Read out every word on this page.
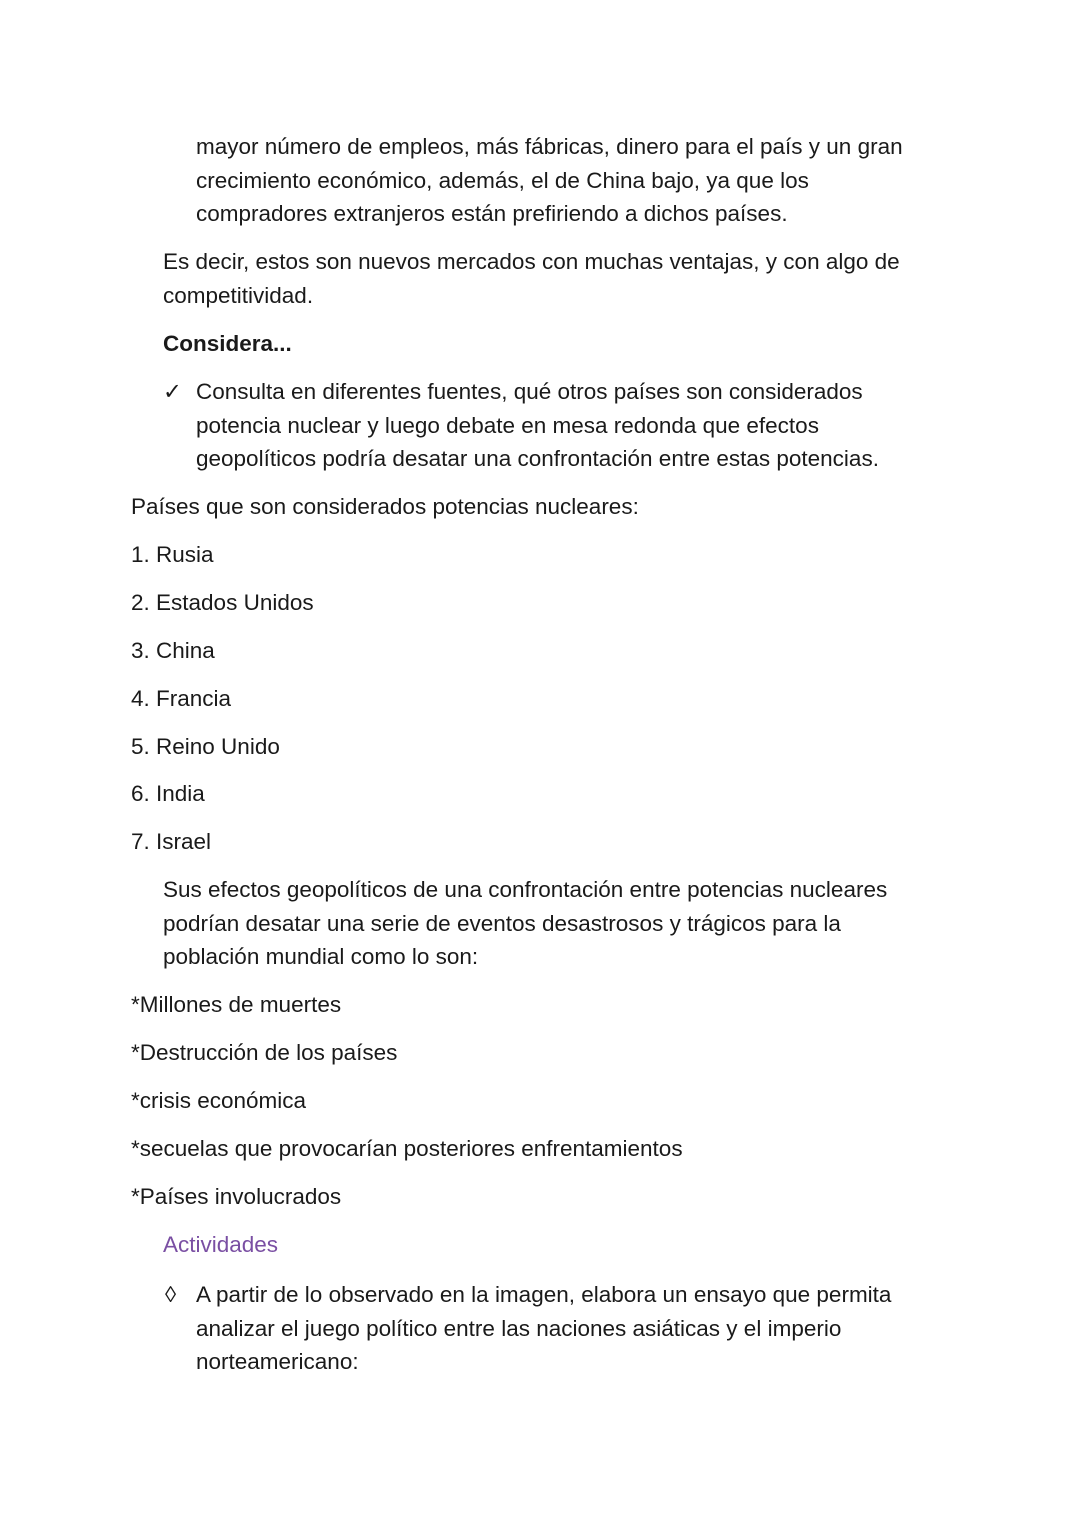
mayor número de empleos, más fábricas, dinero para el país y un gran

crecimiento económico, además, el de China bajo, ya que los

compradores extranjeros están prefiriendo a dichos países.

Es decir, estos son nuevos mercados con muchas ventajas, y con algo de

competitividad.

Considera...

✓ Consulta en diferentes fuentes, qué otros países son considerados

potencia nuclear y luego debate en mesa redonda que efectos

geopolíticos podría desatar una confrontación entre estas potencias.

Países que son considerados potencias nucleares:

1. Rusia

2. Estados Unidos

3. China

4. Francia

5. Reino Unido

6. India

7. Israel

Sus efectos geopolíticos de una confrontación entre potencias nucleares

podrían desatar una serie de eventos desastrosos y trágicos para la

población mundial como lo son:

*Millones de muertes

*Destrucción de los países

*crisis económica

*secuelas que provocarían posteriores enfrentamientos

*Países involucrados

Actividades

◊ A partir de lo observado en la imagen, elabora un ensayo que permita

analizar el juego político entre las naciones asiáticas y el imperio

norteamericano:
